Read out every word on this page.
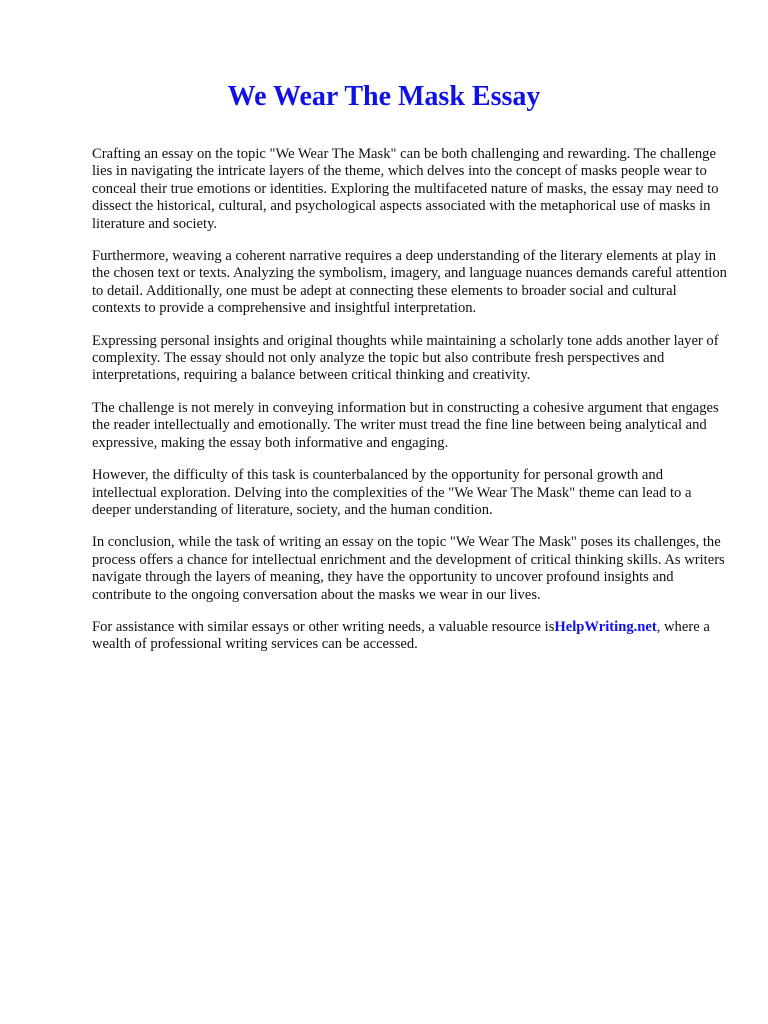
We Wear The Mask Essay

Crafting an essay on the topic "We Wear The Mask" can be both challenging and rewarding. The challenge lies in navigating the intricate layers of the theme, which delves into the concept of masks people wear to conceal their true emotions or identities. Exploring the multifaceted nature of masks, the essay may need to dissect the historical, cultural, and psychological aspects associated with the metaphorical use of masks in literature and society.

Furthermore, weaving a coherent narrative requires a deep understanding of the literary elements at play in the chosen text or texts. Analyzing the symbolism, imagery, and language nuances demands careful attention to detail. Additionally, one must be adept at connecting these elements to broader social and cultural contexts to provide a comprehensive and insightful interpretation.

Expressing personal insights and original thoughts while maintaining a scholarly tone adds another layer of complexity. The essay should not only analyze the topic but also contribute fresh perspectives and interpretations, requiring a balance between critical thinking and creativity.

The challenge is not merely in conveying information but in constructing a cohesive argument that engages the reader intellectually and emotionally. The writer must tread the fine line between being analytical and expressive, making the essay both informative and engaging.

However, the difficulty of this task is counterbalanced by the opportunity for personal growth and intellectual exploration. Delving into the complexities of the "We Wear The Mask" theme can lead to a deeper understanding of literature, society, and the human condition.

In conclusion, while the task of writing an essay on the topic "We Wear The Mask" poses its challenges, the process offers a chance for intellectual enrichment and the development of critical thinking skills. As writers navigate through the layers of meaning, they have the opportunity to uncover profound insights and contribute to the ongoing conversation about the masks we wear in our lives.

For assistance with similar essays or other writing needs, a valuable resource isHelpWriting.net, where a wealth of professional writing services can be accessed.
